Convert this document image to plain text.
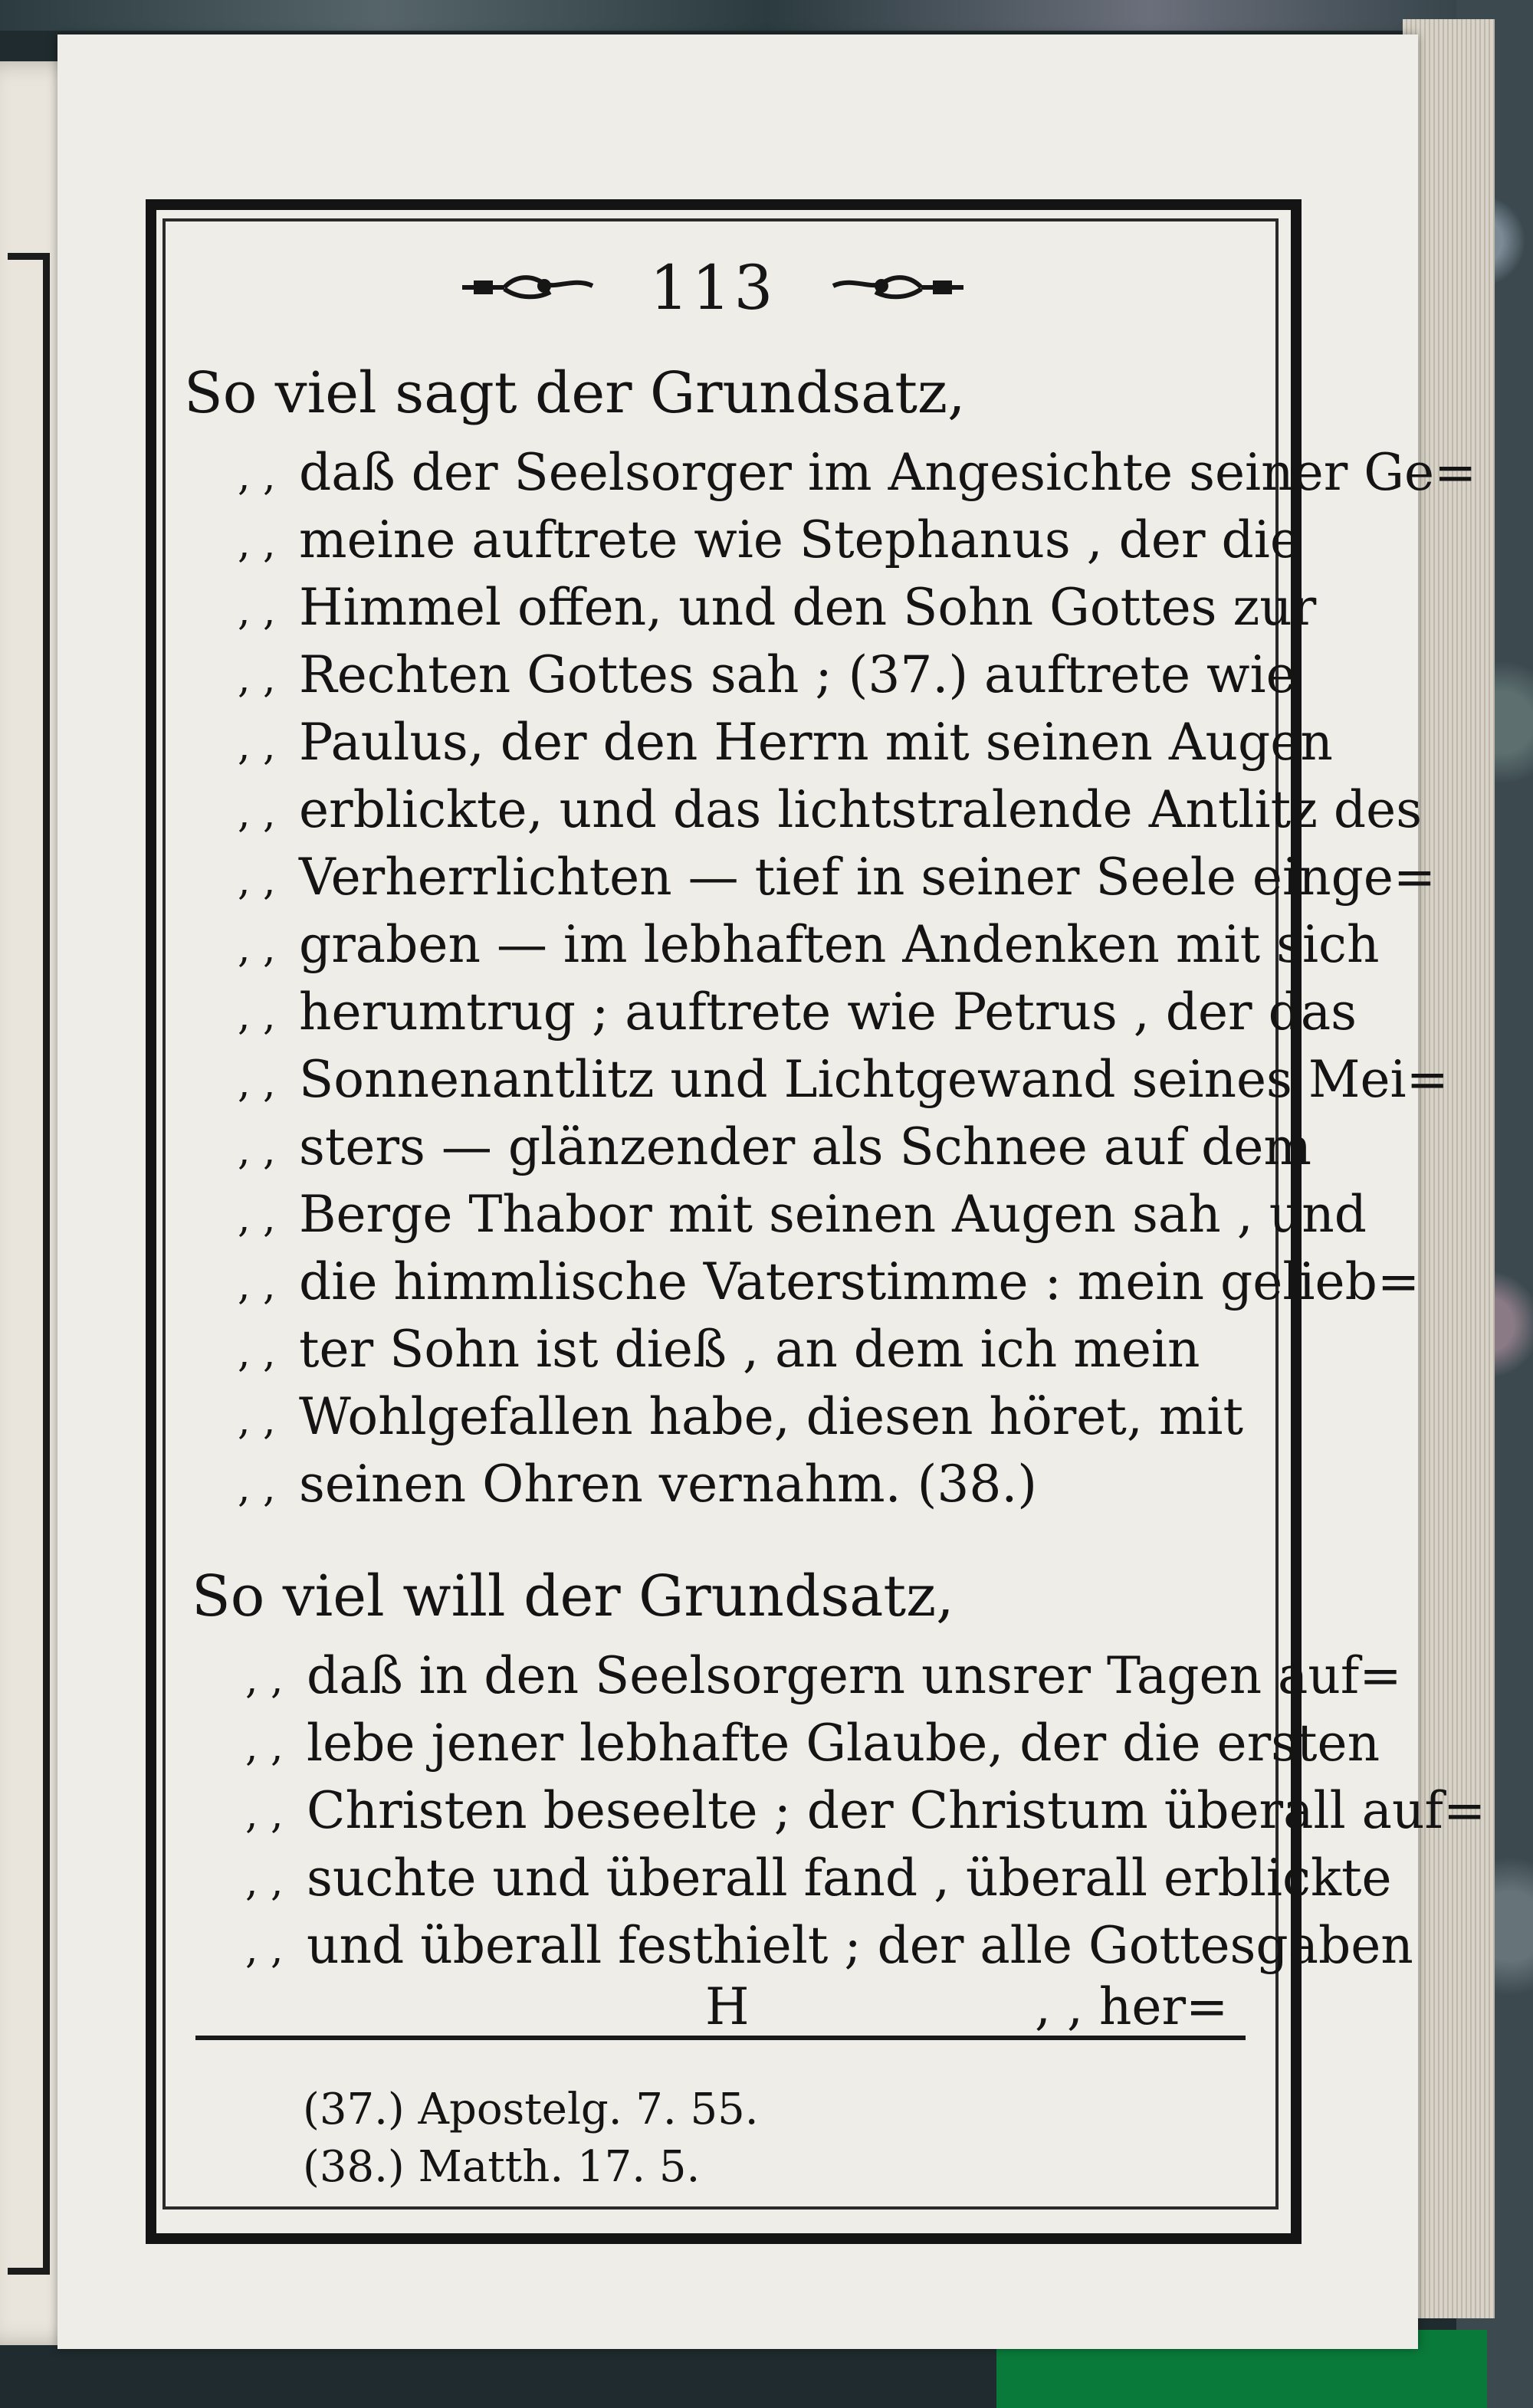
113
So viel sagt der Grundsatz,
, , daß der Seelsorger im Angesichte seiner Ge=
, , meine auftrete wie Stephanus , der die
, , Himmel offen, und den Sohn Gottes zur
, , Rechten Gottes sah ; (37.) auftrete wie
, , Paulus, der den Herrn mit seinen Augen
, , erblickte, und das lichtstralende Antlitz des
, , Verherrlichten — tief in seiner Seele einge=
, , graben — im lebhaften Andenken mit sich
, , herumtrug ; auftrete wie Petrus , der das
, , Sonnenantlitz und Lichtgewand seines Mei=
, , sters — glänzender als Schnee auf dem
, , Berge Thabor mit seinen Augen sah , und
, , die himmlische Vaterstimme : mein gelieb=
, , ter Sohn ist dieß , an dem ich mein
, , Wohlgefallen habe, diesen höret, mit
, , seinen Ohren vernahm. (38.)
So viel will der Grundsatz,
, , daß in den Seelsorgern unsrer Tagen auf=
, , lebe jener lebhafte Glaube, der die ersten
, , Christen beseelte ; der Christum überall auf=
, , suchte und überall fand , überall erblickte
, , und überall festhielt ; der alle Gottesgaben
H	, , her=
(37.) Apostelg. 7. 55.
(38.) Matth. 17. 5.
